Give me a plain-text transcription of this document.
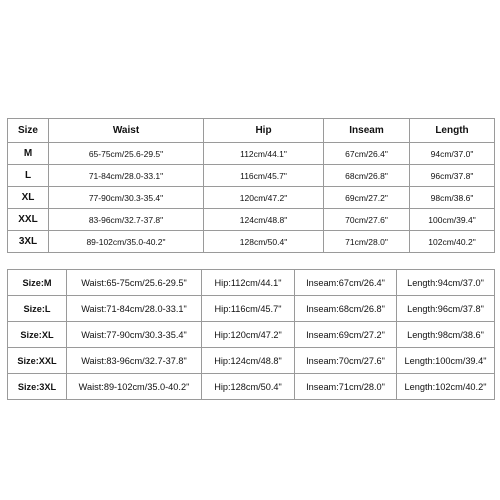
Size	Waist	Hip	Inseam	Length
M	65-75cm/25.6-29.5"	112cm/44.1"	67cm/26.4"	94cm/37.0"
L	71-84cm/28.0-33.1"	116cm/45.7"	68cm/26.8"	96cm/37.8"
XL	77-90cm/30.3-35.4"	120cm/47.2"	69cm/27.2"	98cm/38.6"
XXL	83-96cm/32.7-37.8"	124cm/48.8"	70cm/27.6"	100cm/39.4"
3XL	89-102cm/35.0-40.2"	128cm/50.4"	71cm/28.0"	102cm/40.2"
Size:M	Waist:65-75cm/25.6-29.5"	Hip:112cm/44.1"	Inseam:67cm/26.4"	Length:94cm/37.0"
Size:L	Waist:71-84cm/28.0-33.1"	Hip:116cm/45.7"	Inseam:68cm/26.8"	Length:96cm/37.8"
Size:XL	Waist:77-90cm/30.3-35.4"	Hip:120cm/47.2"	Inseam:69cm/27.2"	Length:98cm/38.6"
Size:XXL	Waist:83-96cm/32.7-37.8"	Hip:124cm/48.8"	Inseam:70cm/27.6"	Length:100cm/39.4"
Size:3XL	Waist:89-102cm/35.0-40.2"	Hip:128cm/50.4"	Inseam:71cm/28.0"	Length:102cm/40.2"
